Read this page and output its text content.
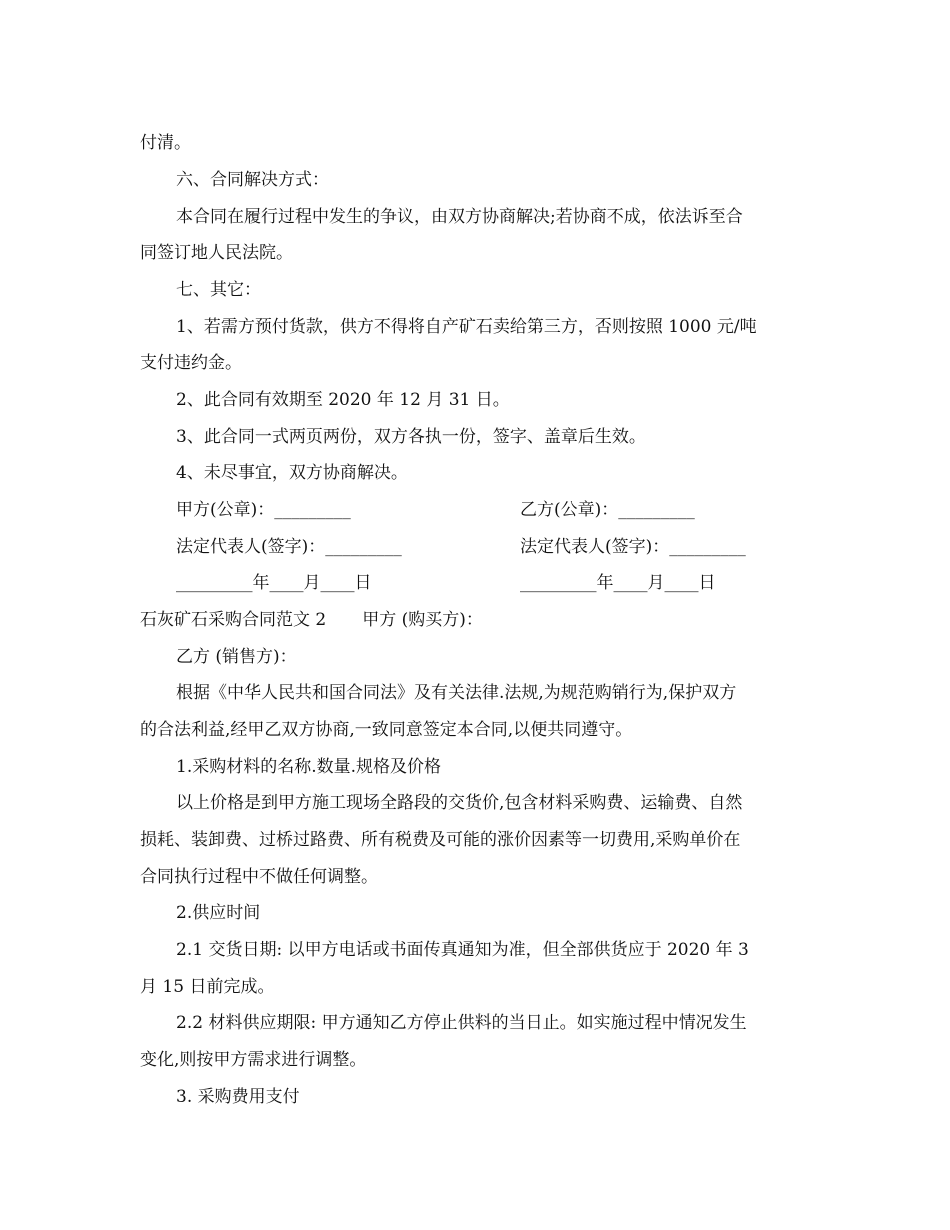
付清。
六、合同解决方式：
本合同在履行过程中发生的争议，由双方协商解决;若协商不成，依法诉至合
同签订地人民法院。
七、其它：
1、若需方预付货款，供方不得将自产矿石卖给第三方，否则按照 1000 元/吨
支付违约金。
2、此合同有效期至 2020 年 12 月 31 日。
3、此合同一式两页两份，双方各执一份，签字、盖章后生效。
4、未尽事宜，双方协商解决。
甲方(公章)：_________	乙方(公章)：_________
法定代表人(签字)：_________	法定代表人(签字)：_________
_________年____月____日	_________年____月____日
石灰矿石采购合同范文 2 甲方 (购买方)：
乙方 (销售方)：
根据《中华人民共和国合同法》及有关法律.法规,为规范购销行为,保护双方
的合法利益,经甲乙双方协商,一致同意签定本合同,以便共同遵守。
1.采购材料的名称.数量.规格及价格
以上价格是到甲方施工现场全路段的交货价,包含材料采购费、运输费、自然
损耗、装卸费、过桥过路费、所有税费及可能的涨价因素等一切费用,采购单价在
合同执行过程中不做任何调整。
2.供应时间
2.1 交货日期: 以甲方电话或书面传真通知为准，但全部供货应于 2020 年 3
月 15 日前完成。
2.2 材料供应期限: 甲方通知乙方停止供料的当日止。如实施过程中情况发生
变化,则按甲方需求进行调整。
3. 采购费用支付
